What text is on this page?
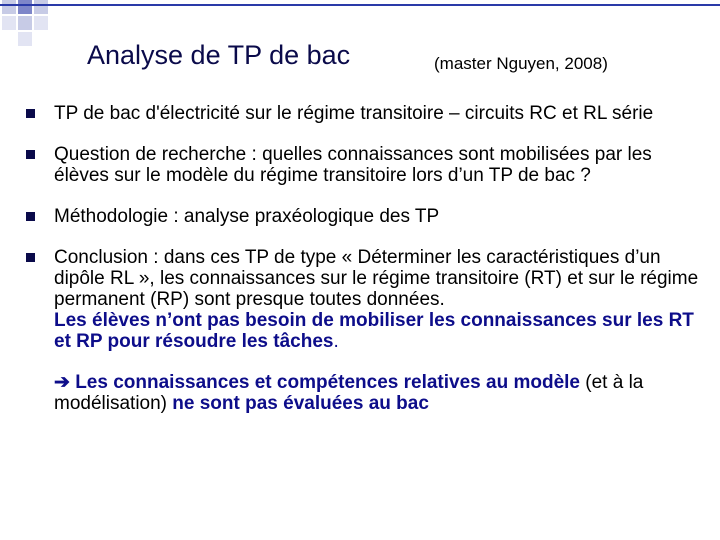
Analyse de TP de bac	(master Nguyen, 2008)
TP de bac d'électricité sur le régime transitoire – circuits RC et RL série
Question de recherche : quelles connaissances sont mobilisées par les élèves sur le modèle du régime transitoire lors d’un TP de bac ?
Méthodologie : analyse praxéologique des TP
Conclusion : dans ces TP de type « Déterminer les caractéristiques d’un dipôle RL », les connaissances sur le régime transitoire (RT) et sur le régime permanent (RP) sont presque toutes données.
Les élèves n’ont pas besoin de mobiliser les connaissances sur les RT et RP pour résoudre les tâches.
➔ Les connaissances et compétences relatives au modèle (et à la modélisation) ne sont pas évaluées au bac
